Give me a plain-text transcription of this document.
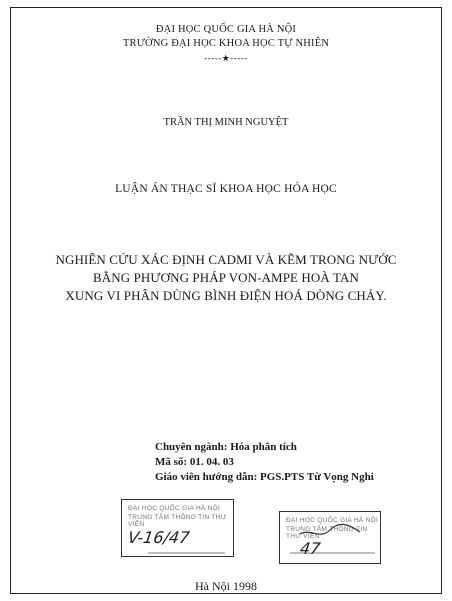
ĐẠI HỌC QUỐC GIA HÀ NỘI
TRƯỜNG ĐẠI HỌC KHOA HỌC TỰ NHIÊN
-----★-----
TRẦN THỊ MINH NGUYỆT
LUẬN ÁN THẠC SĨ KHOA HỌC HÓA HỌC
NGHIÊN CỨU XÁC ĐỊNH CADMI VÀ KẼM TRONG NƯỚC
BẰNG PHƯƠNG PHÁP VON-AMPE HOÀ TAN
XUNG VI PHÂN DÙNG BÌNH ĐIỆN HOÁ DÒNG CHẢY.
Chuyên ngành: Hóa phân tích
Mã số: 01. 04. 03
Giáo viên hướng dẫn: PGS.PTS Từ Vọng Nghi
ĐẠI HỌC QUỐC GIA HÀ NỘI
TRUNG TÂM THÔNG TIN THƯ VIỆN
V-16/47
ĐẠI HỌC QUỐC GIA HÀ NỘI
TRUNG TÂM THÔNG TIN THƯ VIỆN
47
Hà Nội 1998
